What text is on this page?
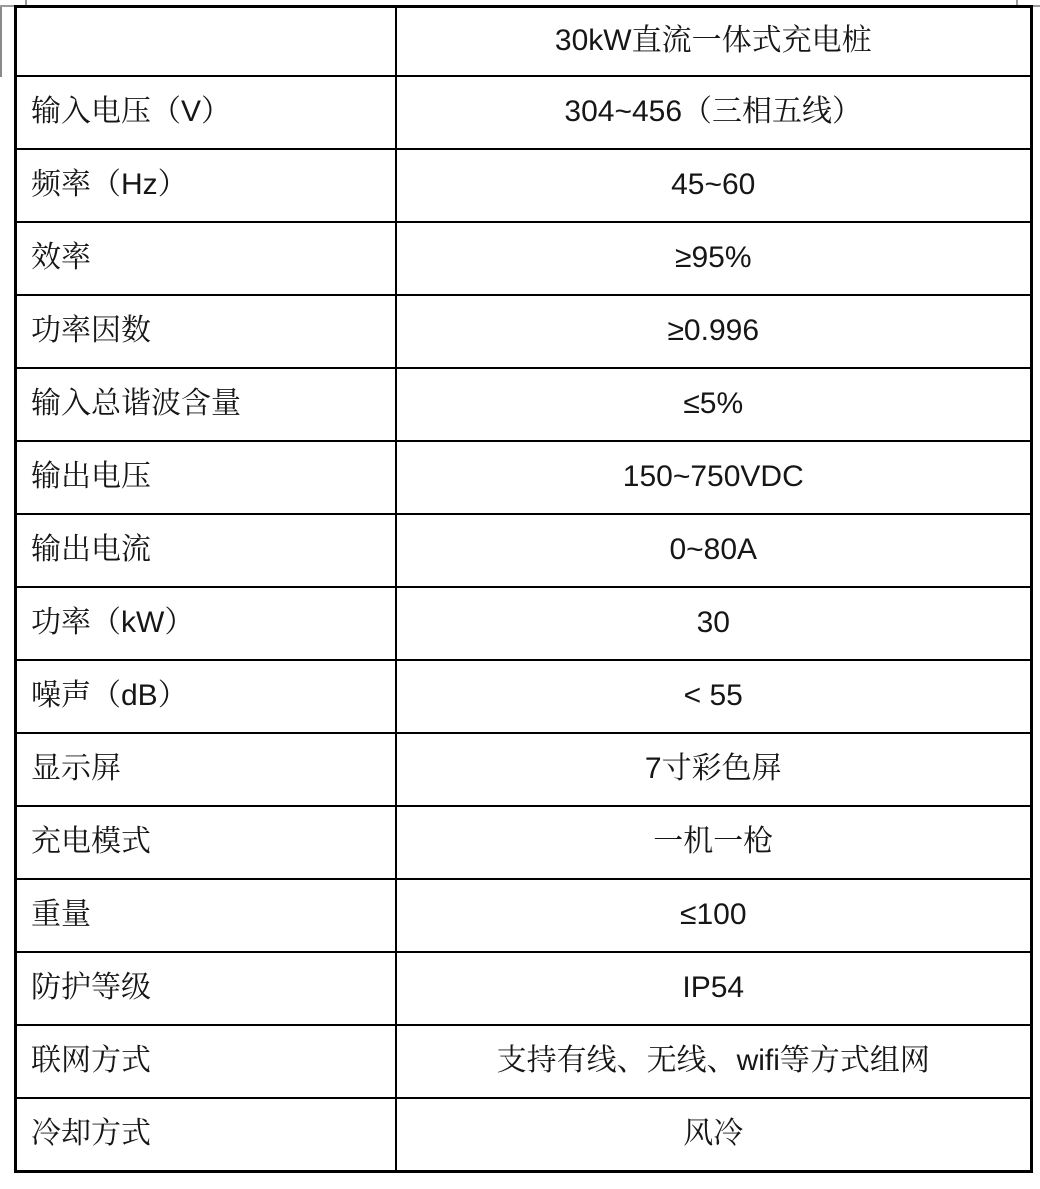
	30kW直流一体式充电桩
输入电压（V）	304~456（三相五线）
频率（Hz）	45~60
效率	≥95%
功率因数	≥0.996
输入总谐波含量	≤5%
输出电压	150~750VDC
输出电流	0~80A
功率（kW）	30
噪声（dB）	< 55
显示屏	7寸彩色屏
充电模式	一机一枪
重量	≤100
防护等级	IP54
联网方式	支持有线、无线、wifi等方式组网
冷却方式	风冷
